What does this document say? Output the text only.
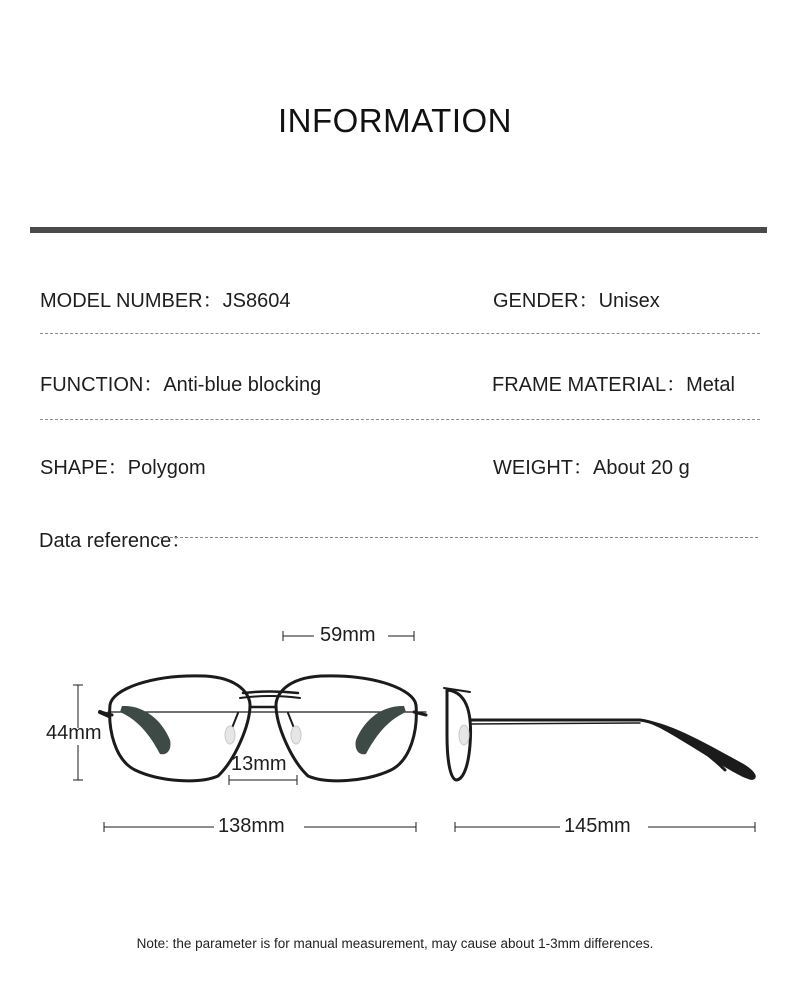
INFORMATION
MODEL NUMBER：JS8604	GENDER：Unisex
FUNCTION：Anti-blue blocking	FRAME MATERIAL：Metal
SHAPE：Polygom	WEIGHT：About 20 g
Data reference：
59mm
44mm
13mm
138mm	145mm
Note: the parameter is for manual measurement, may cause about 1-3mm differences.
